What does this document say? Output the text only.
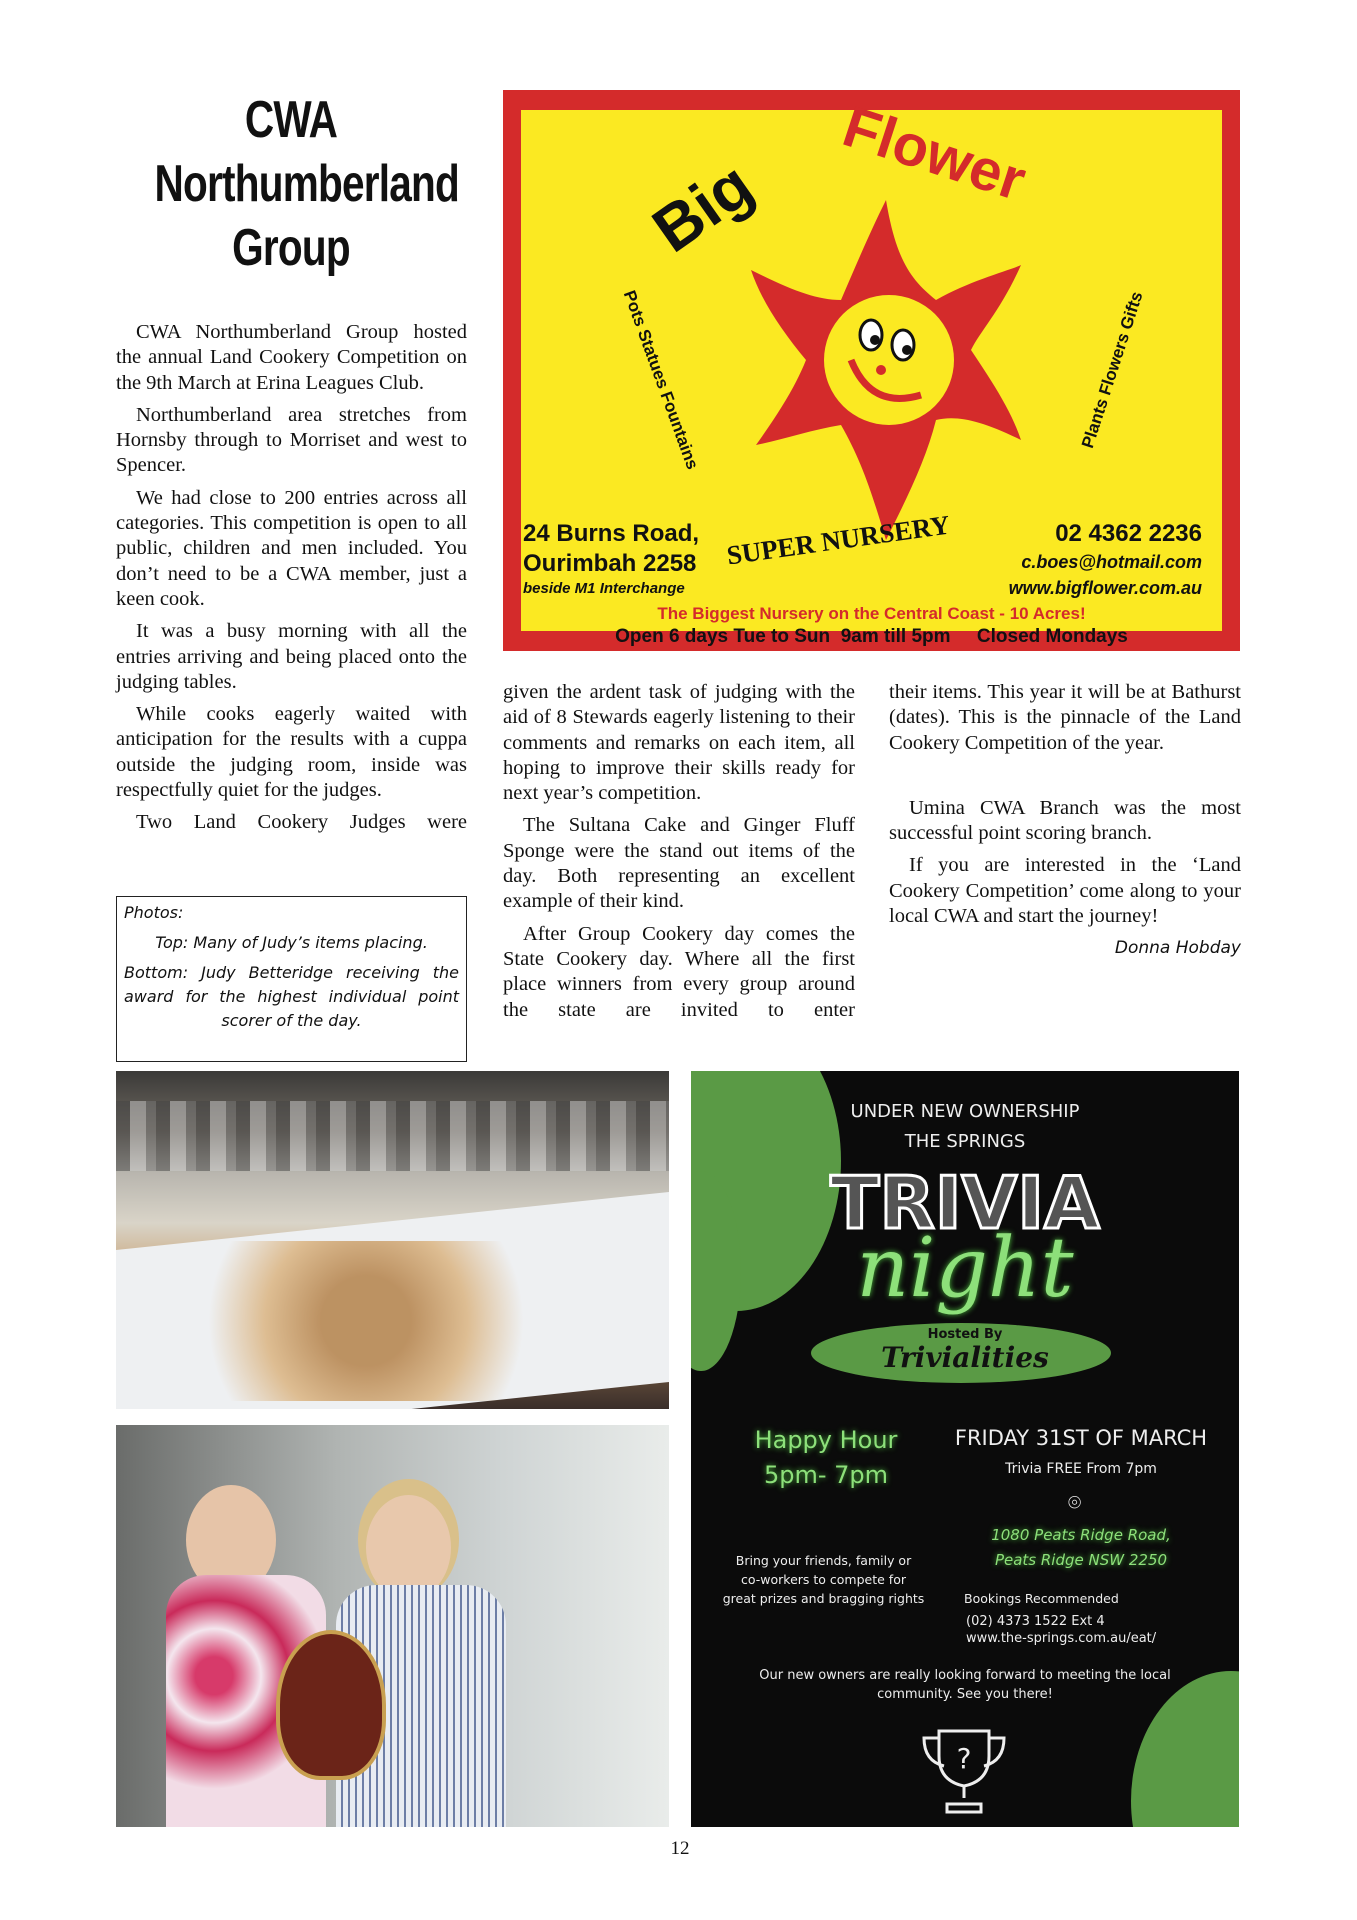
CWA
Northumberland
Group

CWA Northumberland Group hosted the annual Land Cookery Competition on the 9th March at Erina Leagues Club.

Northumberland area stretches from Hornsby through to Morriset and west to Spencer.

We had close to 200 entries across all categories. This competition is open to all public, children and men included. You don’t need to be a CWA member, just a keen cook.

It was a busy morning with all the entries arriving and being placed onto the judging tables.

While cooks eagerly waited with anticipation for the results with a cuppa outside the judging room, inside was respectfully quiet for the judges.

Two Land Cookery Judges were

Photos:
Top: Many of Judy’s items placing.
Bottom: Judy Betteridge receiving the award for the highest individual point scorer of the day.

given the ardent task of judging with the aid of 8 Stewards eagerly listening to their comments and remarks on each item, all hoping to improve their skills ready for next year’s competition.

The Sultana Cake and Ginger Fluff Sponge were the stand out items of the day. Both representing an excellent example of their kind.

After Group Cookery day comes the State Cookery day. Where all the first place winners from every group around the state are invited to enter

their items. This year it will be at Bathurst (dates). This is the pinnacle of the Land Cookery Competition of the year.

Umina CWA Branch was the most successful point scoring branch.

If you are interested in the ‘Land Cookery Competition’ come along to your local CWA and start the journey!

Donna Hobday
Big Flower
Pots Statues Fountains	Plants Flowers Gifts
SUPER NURSERY
24 Burns Road,
Ourimbah 2258
beside M1 Interchange
02 4362 2236
c.boes@hotmail.com
www.bigflower.com.au
The Biggest Nursery on the Central Coast - 10 Acres!
Open 6 days Tue to Sun  9am till 5pm     Closed Mondays
UNDER NEW OWNERSHIP
THE SPRINGS
TRIVIA
night
Hosted By
Trivialities
Happy Hour
5pm- 7pm
FRIDAY 31ST OF MARCH
Trivia FREE From 7pm
⌾
1080 Peats Ridge Road,
Peats Ridge NSW 2250
Bring your friends, family or
co-workers to compete for
great prizes and bragging rights	Bookings Recommended
(02) 4373 1522 Ext 4
www.the-springs.com.au/eat/
Our new owners are really looking forward to meeting the local
community. See you there!
?
12
